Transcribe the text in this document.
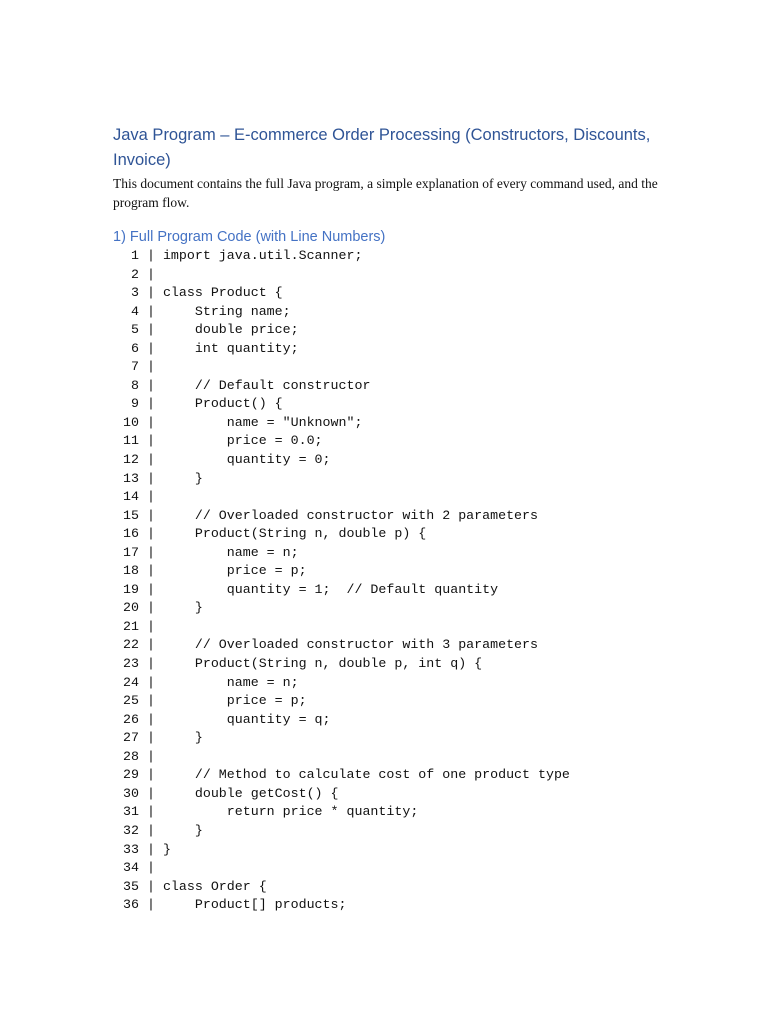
Java Program – E-commerce Order Processing (Constructors, Discounts, Invoice)

This document contains the full Java program, a simple explanation of every command used, and the program flow.

1) Full Program Code (with Line Numbers)
1 | import java.util.Scanner;
2 |
3 | class Product {
4 | String name;
5 | double price;
6 | int quantity;
7 |
8 | // Default constructor
9 | Product() {
10 | name = "Unknown";
11 | price = 0.0;
12 | quantity = 0;
13 | }
14 |
15 | // Overloaded constructor with 2 parameters
16 | Product(String n, double p) {
17 | name = n;
18 | price = p;
19 | quantity = 1;  // Default quantity
20 | }
21 |
22 | // Overloaded constructor with 3 parameters
23 | Product(String n, double p, int q) {
24 | name = n;
25 | price = p;
26 | quantity = q;
27 | }
28 |
29 | // Method to calculate cost of one product type
30 | double getCost() {
31 | return price * quantity;
32 | }
33 | }
34 |
35 | class Order {
36 | Product[] products;
